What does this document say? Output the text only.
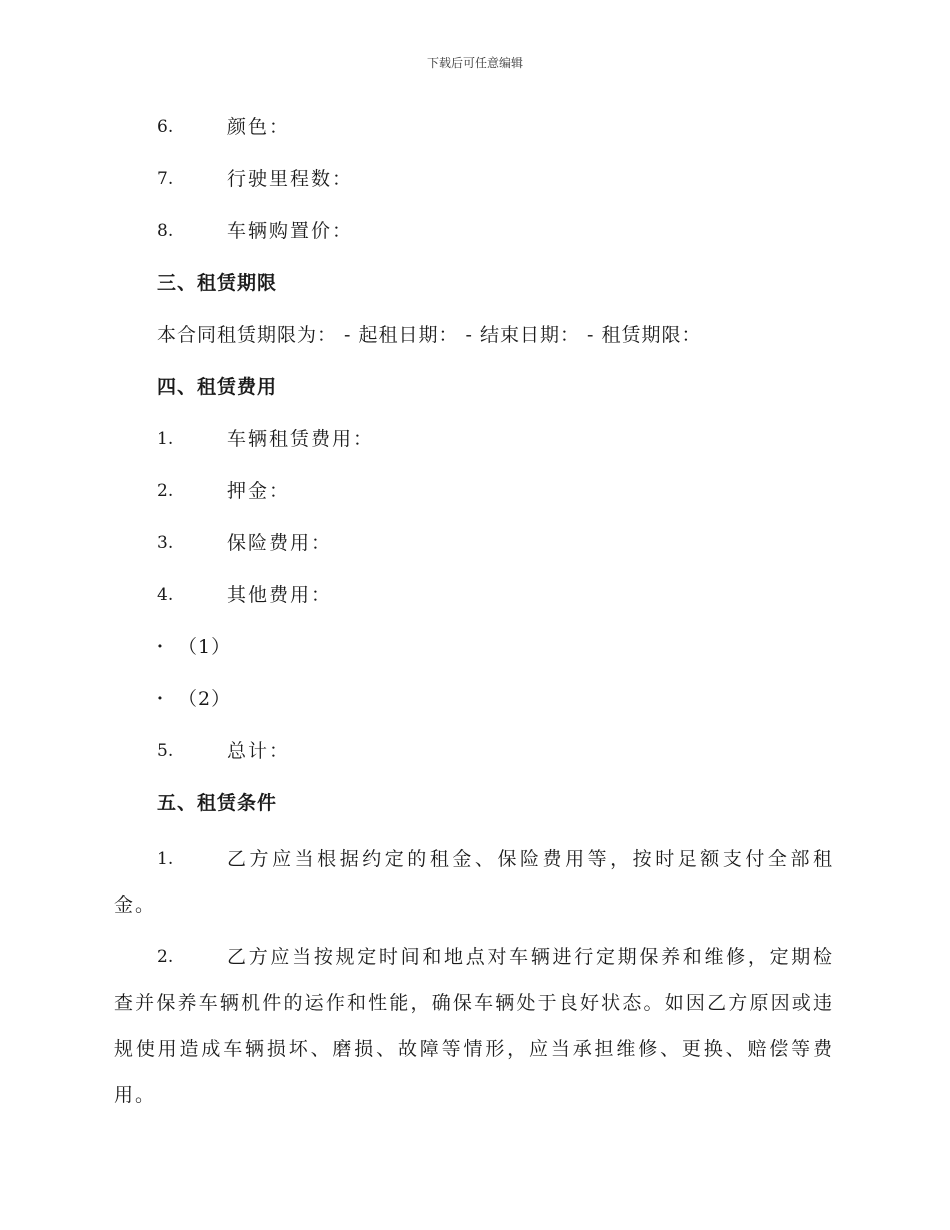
下载后可任意编辑
6.	颜色：
7.	行驶里程数：
8.	车辆购置价：
三、租赁期限
本合同租赁期限为： - 起租日期： - 结束日期： - 租赁期限：
四、租赁费用
1.	车辆租赁费用：
2.	押金：
3.	保险费用：
4.	其他费用：
· （1）
· （2）
5.	总计：
五、租赁条件
1.	乙方应当根据约定的租金、保险费用等，按时足额支付全部租金。
2.	乙方应当按规定时间和地点对车辆进行定期保养和维修，定期检查并保养车辆机件的运作和性能，确保车辆处于良好状态。如因乙方原因或违规使用造成车辆损坏、磨损、故障等情形，应当承担维修、更换、赔偿等费用。
